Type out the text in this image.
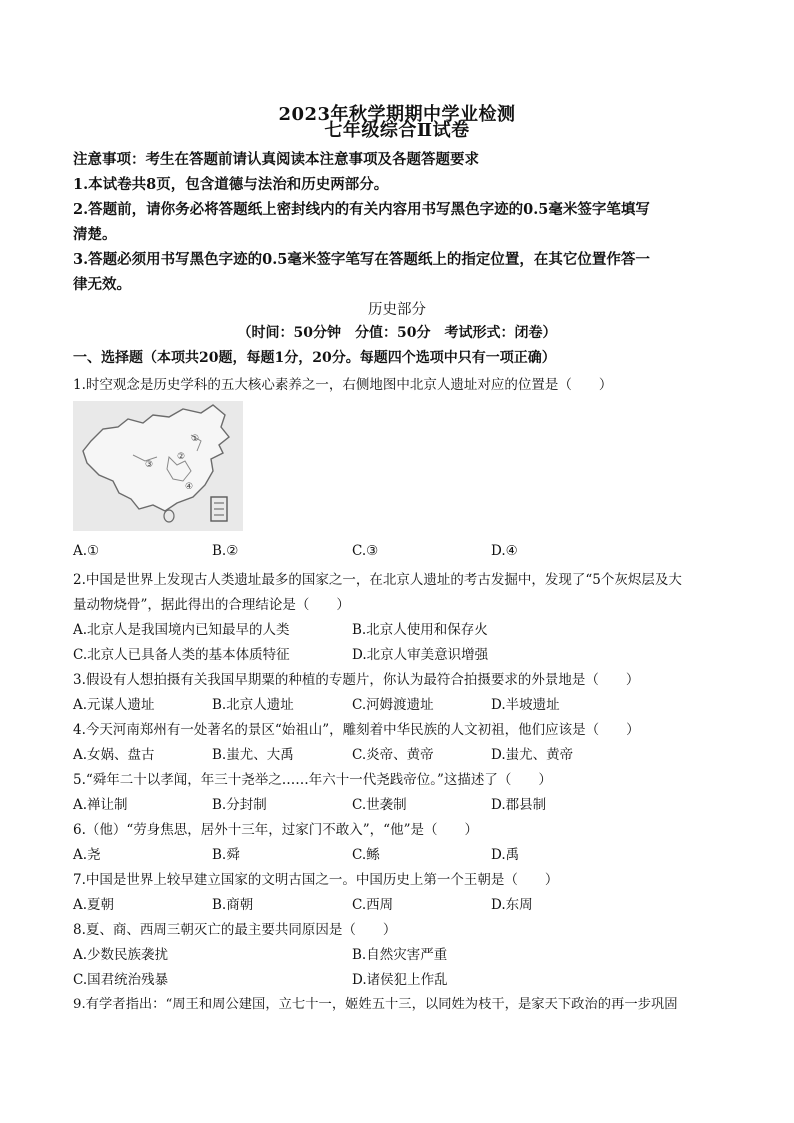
2023年秋学期期中学业检测
七年级综合Ⅱ试卷
注意事项：考生在答题前请认真阅读本注意事项及各题答题要求
1.本试卷共8页，包含道德与法治和历史两部分。
2.答题前，请你务必将答题纸上密封线内的有关内容用书写黑色字迹的0.5毫米签字笔填写
清楚。
3.答题必须用书写黑色字迹的0.5毫米签字笔写在答题纸上的指定位置，在其它位置作答一
律无效。
历史部分
（时间：50分钟　分值：50分　考试形式：闭卷）
一、选择题（本项共20题，每题1分，20分。每题四个选项中只有一项正确）
1.时空观念是历史学科的五大核心素养之一，右侧地图中北京人遗址对应的位置是（　　）
①
②
③
④
A.①	B.②	C.③	D.④
2.中国是世界上发现古人类遗址最多的国家之一，在北京人遗址的考古发掘中，发现了“5个灰烬层及大
量动物烧骨”，据此得出的合理结论是（　　）
A.北京人是我国境内已知最早的人类	B.北京人使用和保存火
C.北京人已具备人类的基本体质特征	D.北京人审美意识增强
3.假设有人想拍摄有关我国早期粟的种植的专题片，你认为最符合拍摄要求的外景地是（　　）
A.元谋人遗址	B.北京人遗址	C.河姆渡遗址	D.半坡遗址
4.今天河南郑州有一处著名的景区“始祖山”，雕刻着中华民族的人文初祖，他们应该是（　　）
A.女娲、盘古	B.蚩尤、大禹	C.炎帝、黄帝	D.蚩尤、黄帝
5.“舜年二十以孝闻，年三十尧举之……年六十一代尧践帝位。”这描述了（　　）
A.禅让制	B.分封制	C.世袭制	D.郡县制
6.（他）“劳身焦思，居外十三年，过家门不敢入”，“他”是（　　）
A.尧	B.舜	C.鲧	D.禹
7.中国是世界上较早建立国家的文明古国之一。中国历史上第一个王朝是（　　）
A.夏朝	B.商朝	C.西周	D.东周
8.夏、商、西周三朝灭亡的最主要共同原因是（　　）
A.少数民族袭扰	B.自然灾害严重
C.国君统治残暴	D.诸侯犯上作乱
9.有学者指出：“周王和周公建国，立七十一，姬姓五十三，以同姓为枝干，是家天下政治的再一步巩固
